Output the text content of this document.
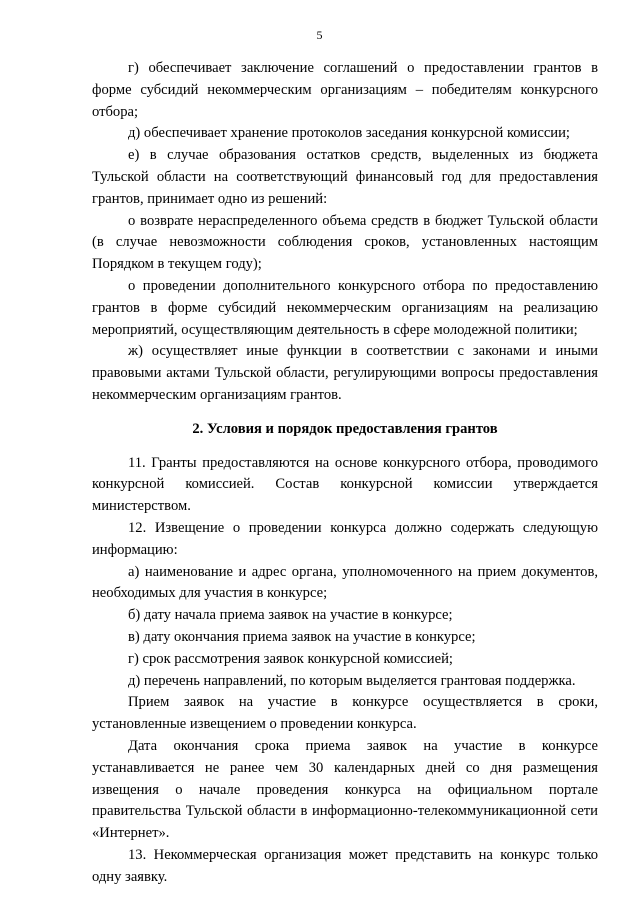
5

г) обеспечивает заключение соглашений о предоставлении грантов в форме субсидий некоммерческим организациям – победителям конкурсного отбора;

д) обеспечивает хранение протоколов заседания конкурсной комиссии;

е) в случае образования остатков средств, выделенных из бюджета Тульской области на соответствующий финансовый год для предоставления грантов, принимает одно из решений:

о возврате нераспределенного объема средств в бюджет Тульской области (в случае невозможности соблюдения сроков, установленных настоящим Порядком в текущем году);

о проведении дополнительного конкурсного отбора по предоставлению грантов в форме субсидий некоммерческим организациям на реализацию мероприятий, осуществляющим деятельность в сфере молодежной политики;

ж) осуществляет иные функции в соответствии с законами и иными правовыми актами Тульской области, регулирующими вопросы предоставления некоммерческим организациям грантов.

2. Условия и порядок предоставления грантов

11. Гранты предоставляются на основе конкурсного отбора, проводимого конкурсной комиссией. Состав конкурсной комиссии утверждается министерством.

12. Извещение о проведении конкурса должно содержать следующую информацию:

а) наименование и адрес органа, уполномоченного на прием документов, необходимых для участия в конкурсе;

б) дату начала приема заявок на участие в конкурсе;

в) дату окончания приема заявок на участие в конкурсе;

г) срок рассмотрения заявок конкурсной комиссией;

д) перечень направлений, по которым выделяется грантовая поддержка.

Прием заявок на участие в конкурсе осуществляется в сроки, установленные извещением о проведении конкурса.

Дата окончания срока приема заявок на участие в конкурсе устанавливается не ранее чем 30 календарных дней со дня размещения извещения о начале проведения конкурса на официальном портале правительства Тульской области в информационно-телекоммуникационной сети «Интернет».

13. Некоммерческая организация может представить на конкурс только одну заявку.
